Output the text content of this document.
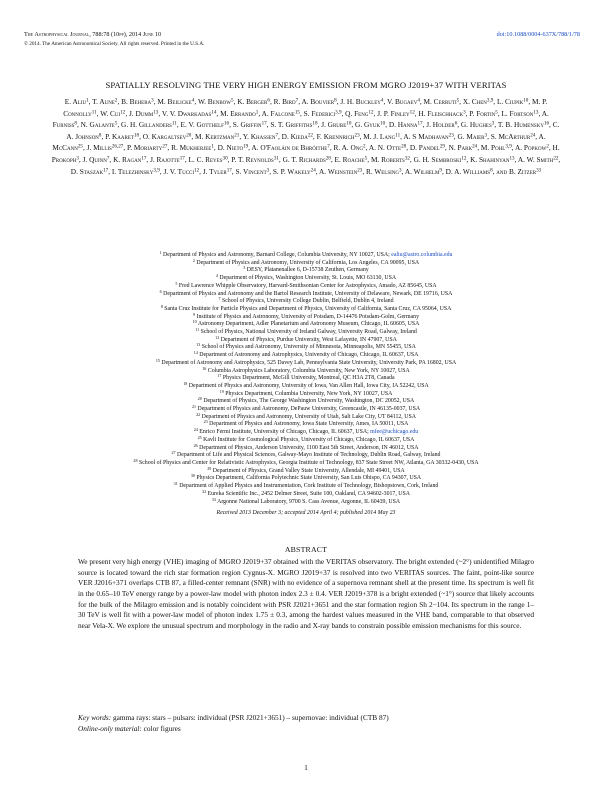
The Astrophysical Journal, 788:78 (10pp), 2014 June 10	doi:10.1088/0004-637X/788/1/78
© 2014. The American Astronomical Society. All rights reserved. Printed in the U.S.A.
SPATIALLY RESOLVING THE VERY HIGH ENERGY EMISSION FROM MGRO J2019+37 WITH VERITAS
E. Aliu$^1$, T. Aune$^2$, B. Behera$^3$, M. Beilicke$^4$, W. Benbow$^5$, K. Berger$^6$, R. Bird$^7$, A. Bouvier$^8$, J. H. Buckley$^4$, V. Bugaev$^4$, M. Cerruti$^5$, X. Chen$^{3,9}$, L. Ciupik$^{10}$, M. P. Connolly$^{11}$, W. Cui$^{12}$, J. Dumm$^{13}$, V. V. Dwarkadas$^{14}$, M. Errando$^1$, A. Falcone$^{15}$, S. Federici$^{3,9}$, Q. Feng$^{12}$, J. P. Finley$^{12}$, H. Fleischhack$^3$, P. Fortin$^5$, L. Fortson$^{13}$, A. Furniss$^8$, N. Galante$^5$, G. H. Gillanders$^{11}$, E. V. Gotthelf$^{16}$, S. Griffin$^{17}$, S. T. Griffiths$^{18}$, J. Grube$^{10}$, G. Gyuk$^{10}$, D. Hanna$^{17}$, J. Holder$^6$, G. Hughes$^3$, T. B. Humensky$^{16}$, C. A. Johnson$^8$, P. Kaaret$^{18}$, O. Kargaltsev$^{20}$, M. Kertzman$^{21}$, Y. Khassen$^7$, D. Kieda$^{22}$, F. Krennrich$^{23}$, M. J. Lang$^{11}$, A. S Madhavan$^{23}$, G. Maier$^3$, S. McArthur$^{24}$, A. McCann$^{25}$, J. Millis$^{26,27}$, P. Moriarty$^{27}$, R. Mukherjee$^1$, D. Nieto$^{19}$, A. O'Faoláin de Bhróithe$^7$, R. A. Ong$^2$, A. N. Otte$^{28}$, D. Pandel$^{29}$, N. Park$^{24}$, M. Pohl$^{3,9}$, A. Popkow$^2$, H. Prokoph$^3$, J. Quinn$^7$, K. Ragan$^{17}$, J. Rajotte$^{17}$, L. C. Reyes$^{30}$, P. T. Reynolds$^{31}$, G. T. Richards$^{28}$, E. Roache$^5$, M. Roberts$^{32}$, G. H. Sembroski$^{12}$, K. Shahinyan$^{13}$, A. W. Smith$^{22}$, D. Staszak$^{17}$, I. Telezhinsky$^{3,9}$, J. V. Tucci$^{12}$, J. Tyler$^{17}$, S. Vincent$^3$, S. P. Wakely$^{24}$, A. Weinstein$^{23}$, R. Welsing$^3$, A. Wilhelm$^9$, D. A. Williams$^8$, and B. Zitzer$^{33}$
$^1$ Department of Physics and Astronomy, Barnard College, Columbia University, NY 10027, USA; ealiu@astro.columbia.edu
$^2$ Department of Physics and Astronomy, University of California, Los Angeles, CA 90095, USA
$^3$ DESY, Platanenallee 6, D-15738 Zeuthen, Germany
$^4$ Department of Physics, Washington University, St. Louis, MO 63130, USA
$^5$ Fred Lawrence Whipple Observatory, Harvard-Smithsonian Center for Astrophysics, Amado, AZ 85645, USA
$^6$ Department of Physics and Astronomy and the Bartol Research Institute, University of Delaware, Newark, DE 19716, USA
$^7$ School of Physics, University College Dublin, Belfield, Dublin 4, Ireland
$^8$ Santa Cruz Institute for Particle Physics and Department of Physics, University of California, Santa Cruz, CA 95064, USA
$^9$ Institute of Physics and Astronomy, University of Potsdam, D-14476 Potsdam-Golm, Germany
$^{10}$ Astronomy Department, Adler Planetarium and Astronomy Museum, Chicago, IL 60605, USA
$^{11}$ School of Physics, National University of Ireland Galway, University Road, Galway, Ireland
$^{12}$ Department of Physics, Purdue University, West Lafayette, IN 47907, USA
$^{13}$ School of Physics and Astronomy, University of Minnesota, Minneapolis, MN 55455, USA
$^{14}$ Department of Astronomy and Astrophysics, University of Chicago, Chicago, IL 60637, USA
$^{15}$ Department of Astronomy and Astrophysics, 525 Davey Lab, Pennsylvania State University, University Park, PA 16802, USA
$^{16}$ Columbia Astrophysics Laboratory, Columbia University, New York, NY 10027, USA
$^{17}$ Physics Department, McGill University, Montreal, QC H3A 2T8, Canada
$^{18}$ Department of Physics and Astronomy, University of Iowa, Van Allen Hall, Iowa City, IA 52242, USA
$^{19}$ Physics Department, Columbia University, New York, NY 10027, USA
$^{20}$ Department of Physics, The George Washington University, Washington, DC 20052, USA
$^{21}$ Department of Physics and Astronomy, DePauw University, Greencastle, IN 46135-0037, USA
$^{22}$ Department of Physics and Astronomy, University of Utah, Salt Lake City, UT 84112, USA
$^{23}$ Department of Physics and Astronomy, Iowa State University, Ames, IA 50011, USA
$^{24}$ Enrico Fermi Institute, University of Chicago, Chicago, IL 60637, USA; mfee@uchicago.edu
$^{25}$ Kavli Institute for Cosmological Physics, University of Chicago, Chicago, IL 60637, USA
$^{26}$ Department of Physics, Anderson University, 1100 East 5th Street, Anderson, IN 46012, USA
$^{27}$ Department of Life and Physical Sciences, Galway-Mayo Institute of Technology, Dublin Road, Galway, Ireland
$^{28}$ School of Physics and Center for Relativistic Astrophysics, Georgia Institute of Technology, 837 State Street NW, Atlanta, GA 30332-0430, USA
$^{29}$ Department of Physics, Grand Valley State University, Allendale, MI 49401, USA
$^{30}$ Physics Department, California Polytechnic State University, San Luis Obispo, CA 94307, USA
$^{31}$ Department of Applied Physics and Instrumentation, Cork Institute of Technology, Bishopstown, Cork, Ireland
$^{32}$ Eureka Scientific Inc., 2452 Delmer Street, Suite 100, Oakland, CA 94602-3017, USA
$^{33}$ Argonne National Laboratory, 9700 S. Cass Avenue, Argonne, IL 60439, USA
Received 2013 December 3; accepted 2014 April 4; published 2014 May 23
ABSTRACT
We present very high energy (VHE) imaging of MGRO J2019+37 obtained with the VERITAS observatory. The bright extended (~2°) unidentified Milagro source is located toward the rich star formation region Cygnus-X. MGRO J2019+37 is resolved into two VERITAS sources. The faint, point-like source VER J2016+371 overlaps CTB 87, a filled-center remnant (SNR) with no evidence of a supernova remnant shell at the present time. Its spectrum is well fit in the 0.65–10 TeV energy range by a power-law model with photon index 2.3 ± 0.4. VER J2019+378 is a bright extended (~1°) source that likely accounts for the bulk of the Milagro emission and is notably coincident with PSR J2021+3651 and the star formation region Sh 2−104. Its spectrum in the range 1–30 TeV is well fit with a power-law model of photon index 1.75 ± 0.3, among the hardest values measured in the VHE band, comparable to that observed near Vela-X. We explore the unusual spectrum and morphology in the radio and X-ray bands to constrain possible emission mechanisms for this source.
Key words: gamma rays: stars – pulsars: individual (PSR J2021+3651) – supernovae: individual (CTB 87)
Online-only material: color figures
1
